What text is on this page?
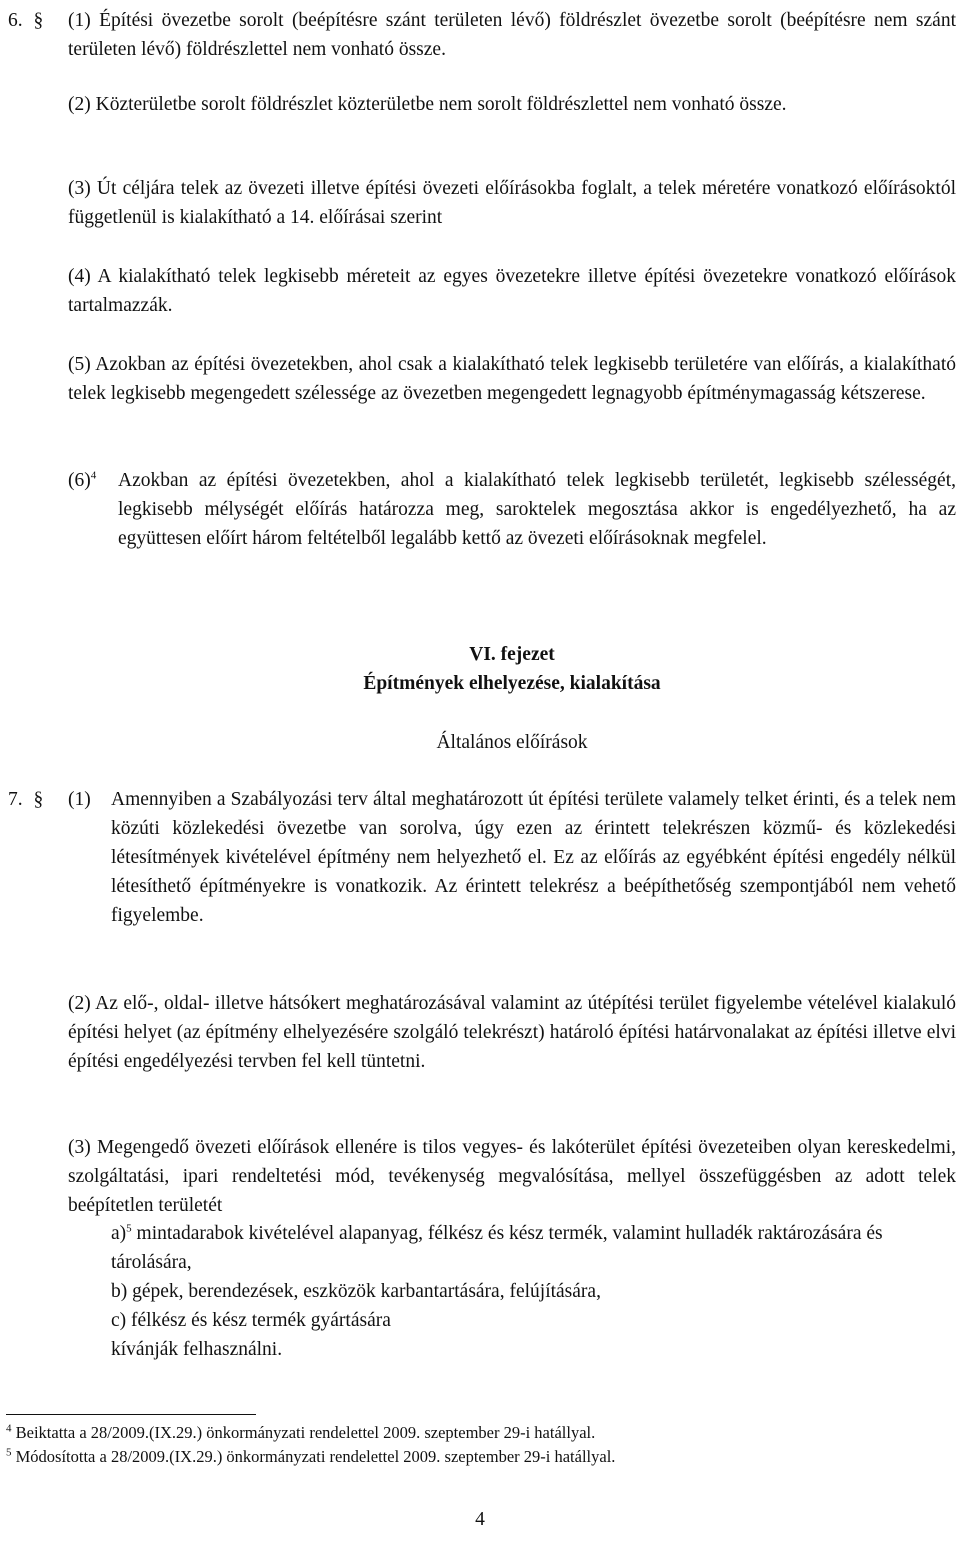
6. § (1) Építési övezetbe sorolt (beépítésre szánt területen lévő) földrészlet övezetbe sorolt (beépítésre nem szánt területen lévő) földrészlettel nem vonható össze.
(2) Közterületbe sorolt földrészlet közterületbe nem sorolt földrészlettel nem vonható össze.
(3) Út céljára telek az övezeti illetve építési övezeti előírásokba foglalt, a telek méretére vonatkozó előírásoktól függetlenül is kialakítható a 14. előírásai szerint
(4) A kialakítható telek legkisebb méreteit az egyes övezetekre illetve építési övezetekre vonatkozó előírások tartalmazzák.
(5) Azokban az építési övezetekben, ahol csak a kialakítható telek legkisebb területére van előírás, a kialakítható telek legkisebb megengedett szélessége az övezetben megengedett legnagyobb építménymagasság kétszerese.
$(6)^4$ Azokban az építési övezetekben, ahol a kialakítható telek legkisebb területét, legkisebb szélességét, legkisebb mélységét előírás határozza meg, saroktelek megosztása akkor is engedélyezhető, ha az együttesen előírt három feltételből legalább kettő az övezeti előírásoknak megfelel.
VI. fejezet
Építmények elhelyezése, kialakítása
Általános előírások
7. § (1) Amennyiben a Szabályozási terv által meghatározott út építési területe valamely telket érinti, és a telek nem közúti közlekedési övezetbe van sorolva, úgy ezen az érintett telekrészen közmű- és közlekedési létesítmények kivételével építmény nem helyezhető el. Ez az előírás az egyébként építési engedély nélkül létesíthető építményekre is vonatkozik. Az érintett telekrész a beépíthetőség szempontjából nem vehető figyelembe.
(2) Az elő-, oldal- illetve hátsókert meghatározásával valamint az útépítési terület figyelembe vételével kialakuló építési helyet (az építmény elhelyezésére szolgáló telekrészt) határoló építési határvonalakat az építési illetve elvi építési engedélyezési tervben fel kell tüntetni.
(3) Megengedő övezeti előírások ellenére is tilos vegyes- és lakóterület építési övezeteiben olyan kereskedelmi, szolgáltatási, ipari rendeltetési mód, tevékenység megvalósítása, mellyel összefüggésben az adott telek beépítetlen területét
a)$^5$ mintadarabok kivételével alapanyag, félkész és kész termék, valamint hulladék raktározására és tárolására,
b) gépek, berendezések, eszközök karbantartására, felújítására,
c) félkész és kész termék gyártására
kívánják felhasználni.
$^4$ Beiktatta a 28/2009.(IX.29.) önkormányzati rendelettel 2009. szeptember 29-i hatállyal.
$^5$ Módosította a 28/2009.(IX.29.) önkormányzati rendelettel 2009. szeptember 29-i hatállyal.
4
